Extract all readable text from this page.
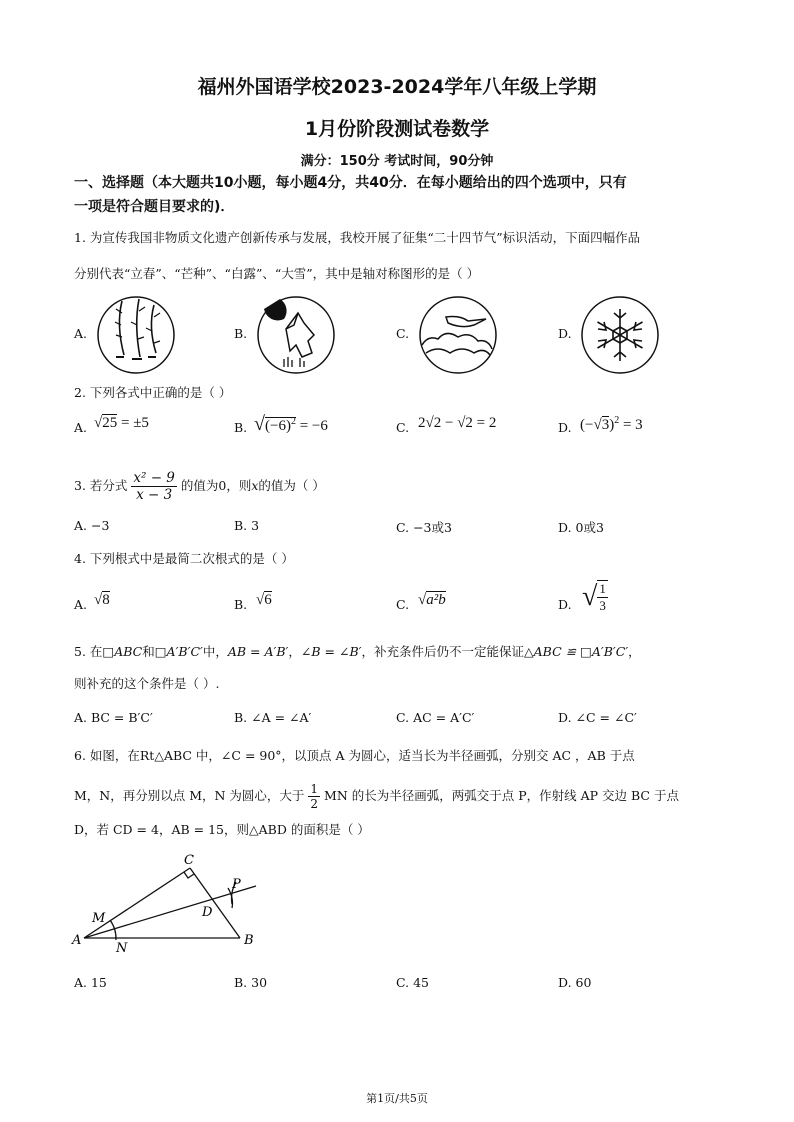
福州外国语学校2023-2024学年八年级上学期
1月份阶段测试卷数学
满分：150分 考试时间，90分钟
一、选择题（本大题共10小题，每小题4分，共40分．在每小题给出的四个选项中，只有
一项是符合题目要求的)．
1. 为宣传我国非物质文化遗产创新传承与发展，我校开展了征集“二十四节气”标识活动，下面四幅作品
分别代表“立春”、“芒种”、“白露”、“大雪”，其中是轴对称图形的是（ ）
A.	B.	C.	D.
2. 下列各式中正确的是（ ）
A. √25 = ±5	B. $√(-6)^2 = -6$	C. 2√2 − √2 = 2	D. $(-√3)^2 = 3$
3. 若分式 $\frac{\text{x² − 9}}{x - 3}$ 的值为0，则x的值为（ ）
A. −3	B. 3	C. −3或3	D. 0或3
4. 下列根式中是最简二次根式的是（ ）
A. √8	B. √6	C. √a²b	D. √ $\frac{1}{3}$
5. 在□ABC和□A′B′C′中，AB = A′B′，∠B = ∠B′，补充条件后仍不一定能保证△ABC ≌ □A′B′C′，
则补充的这个条件是（ ）.
A. BC = B′C′	B. ∠A = ∠A′	C. AC = A′C′	D. ∠C = ∠C′
6. 如图，在Rt△ABC 中，∠C = 90°，以顶点 A 为圆心，适当长为半径画弧，分别交 AC ，AB 于点
M，N，再分别以点 M，N 为圆心，大于 $\frac{1}{2}$ MN 的长为半径画弧，两弧交于点 P，作射线 AP 交边 BC 于点
D，若 CD = 4，AB = 15，则△ABD 的面积是（ ）
C
P
D
M
A
N
B
A. 15	B. 30	C. 45	D. 60
第1页/共5页
